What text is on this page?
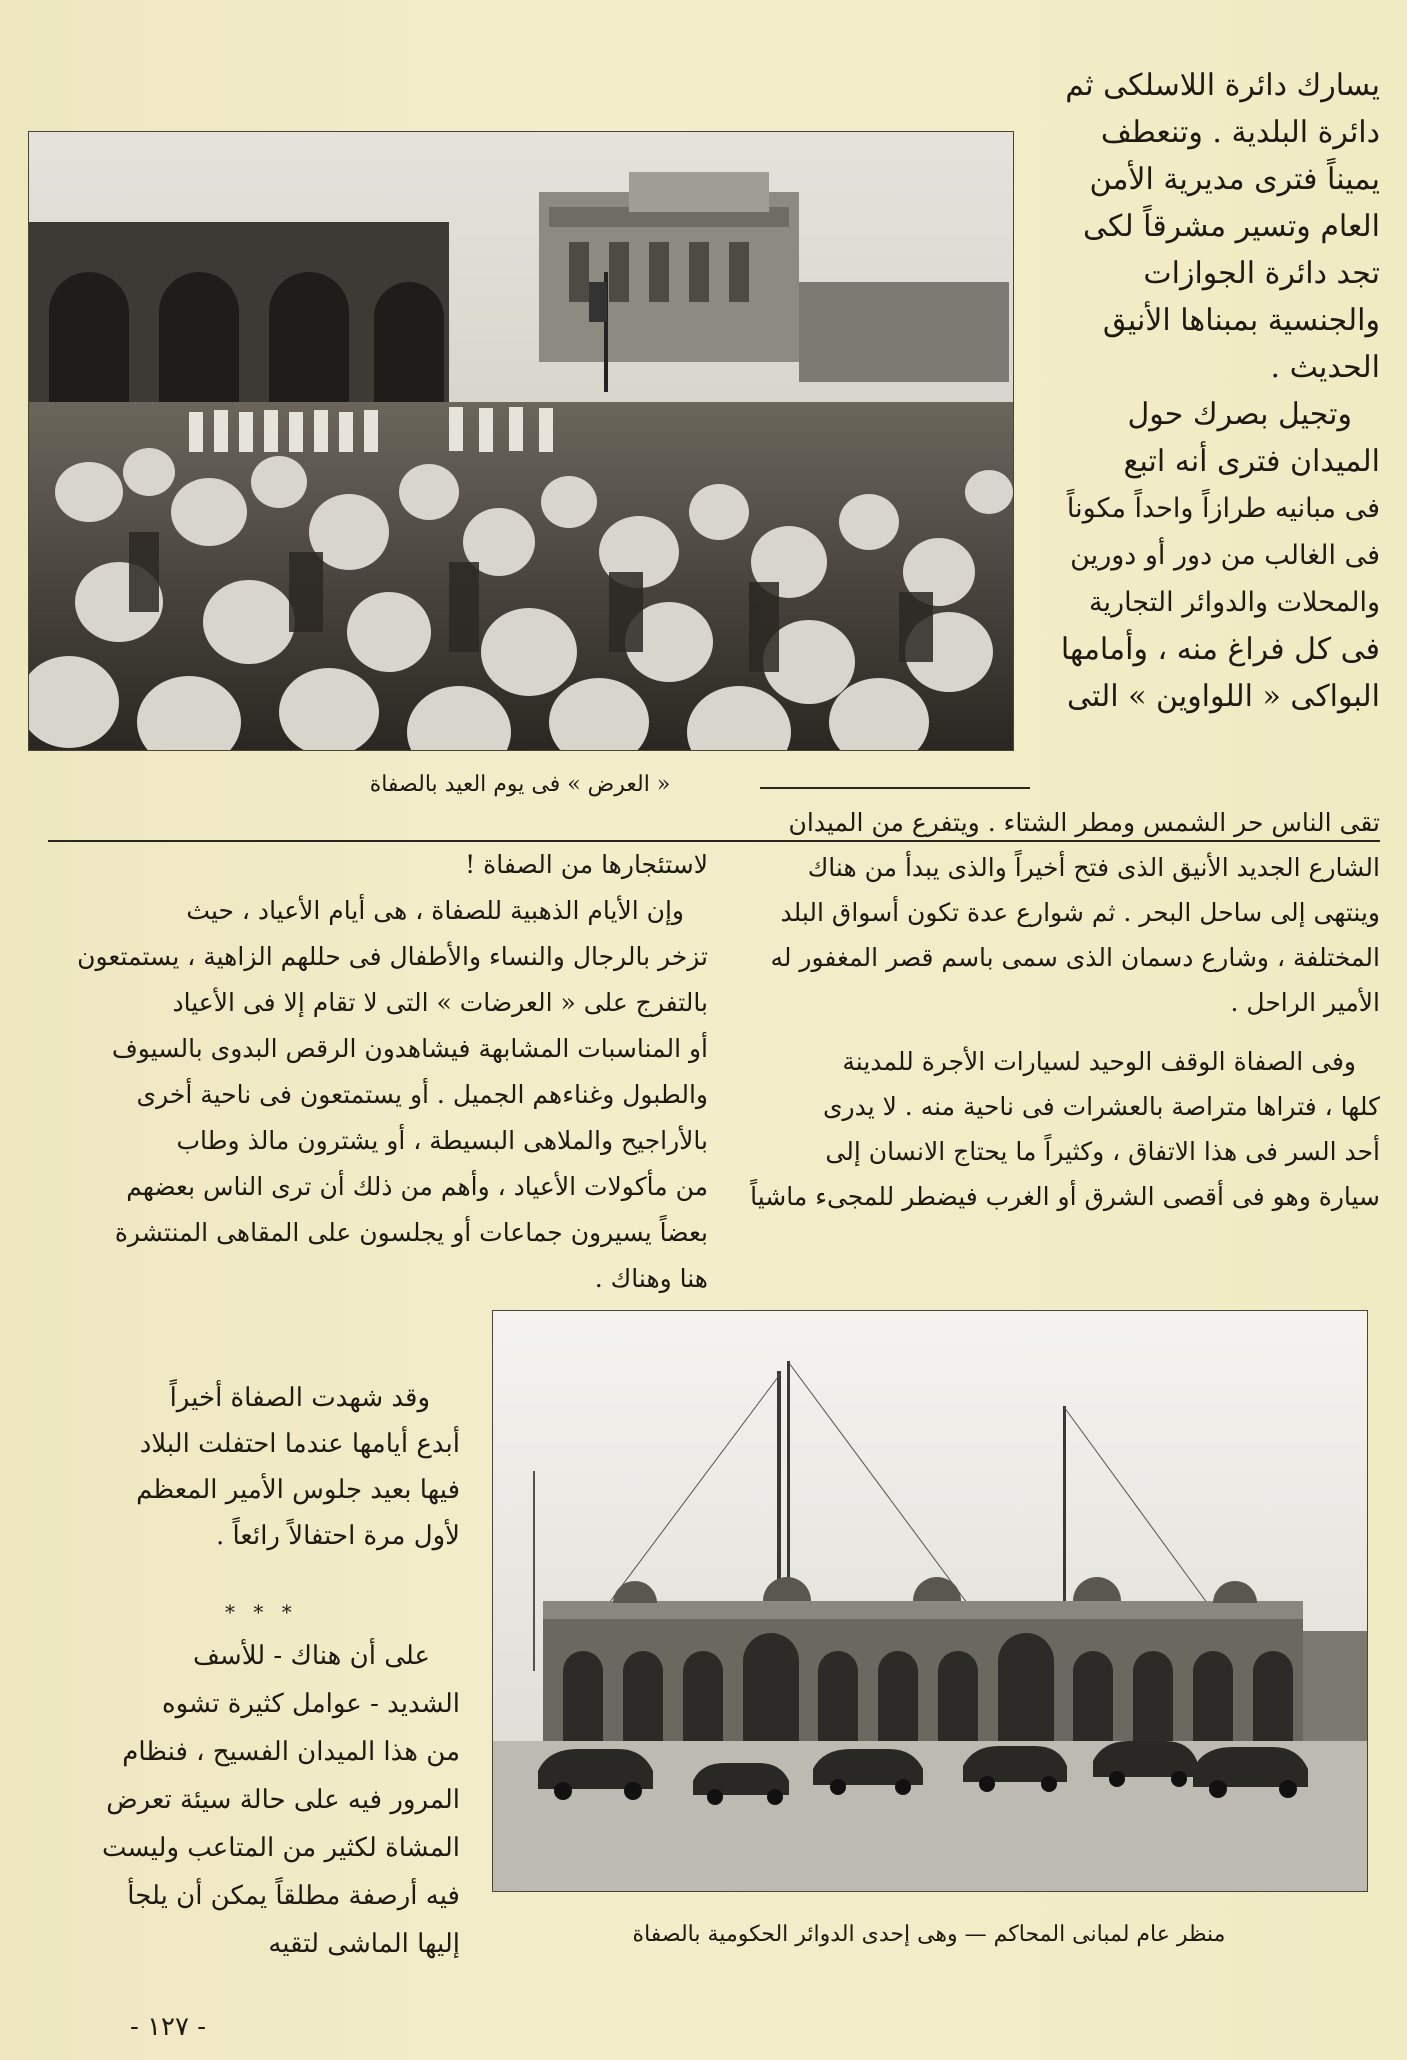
« العرض » فى يوم العيد بالصفاة
يسارك دائرة اللاسلكى ثم
دائرة البلدية . وتنعطف
يميناً فترى مديرية الأمن
العام وتسير مشرقاً لكى
تجد دائرة الجوازات
والجنسية بمبناها الأنيق
الحديث .
وتجيل بصرك حول
الميدان فترى أنه اتبع
فى مبانيه طرازاً واحداً مكوناً
فى الغالب من دور أو دورين
والمحلات والدوائر التجارية
فى كل فراغ منه ، وأمامها
البواكى « اللواوين » التى
تقى الناس حر الشمس ومطر الشتاء . ويتفرع من الميدان
الشارع الجديد الأنيق الذى فتح أخيراً والذى يبدأ من هناك
وينتهى إلى ساحل البحر . ثم شوارع عدة تكون أسواق البلد
المختلفة ، وشارع دسمان الذى سمى باسم قصر المغفور له
الأمير الراحل .
وفى الصفاة الوقف الوحيد لسيارات الأجرة للمدينة
كلها ، فتراها متراصة بالعشرات فى ناحية منه . لا يدرى
أحد السر فى هذا الاتفاق ، وكثيراً ما يحتاج الانسان إلى
سيارة وهو فى أقصى الشرق أو الغرب فيضطر للمجىء ماشياً
لاستئجارها من الصفاة !
وإن الأيام الذهبية للصفاة ، هى أيام الأعياد ، حيث
تزخر بالرجال والنساء والأطفال فى حللهم الزاهية ، يستمتعون
بالتفرج على « العرضات » التى لا تقام إلا فى الأعياد
أو المناسبات المشابهة فيشاهدون الرقص البدوى بالسيوف
والطبول وغناءهم الجميل . أو يستمتعون فى ناحية أخرى
بالأراجيح والملاهى البسيطة ، أو يشترون مالذ وطاب
من مأكولات الأعياد ، وأهم من ذلك أن ترى الناس بعضهم
بعضاً يسيرون جماعات أو يجلسون على المقاهى المنتشرة
هنا وهناك .
وقد شهدت الصفاة أخيراً
أبدع أيامها عندما احتفلت البلاد
فيها بعيد جلوس الأمير المعظم
لأول مرة احتفالاً رائعاً .
* * *
على أن هناك - للأسف
الشديد - عوامل كثيرة تشوه
من هذا الميدان الفسيح ، فنظام
المرور فيه على حالة سيئة تعرض
المشاة لكثير من المتاعب وليست
فيه أرصفة مطلقاً يمكن أن يلجأ
إليها الماشى لتقيه	منظر عام لمبانى المحاكم — وهى إحدى الدوائر الحكومية بالصفاة
- ١٢٧ -
